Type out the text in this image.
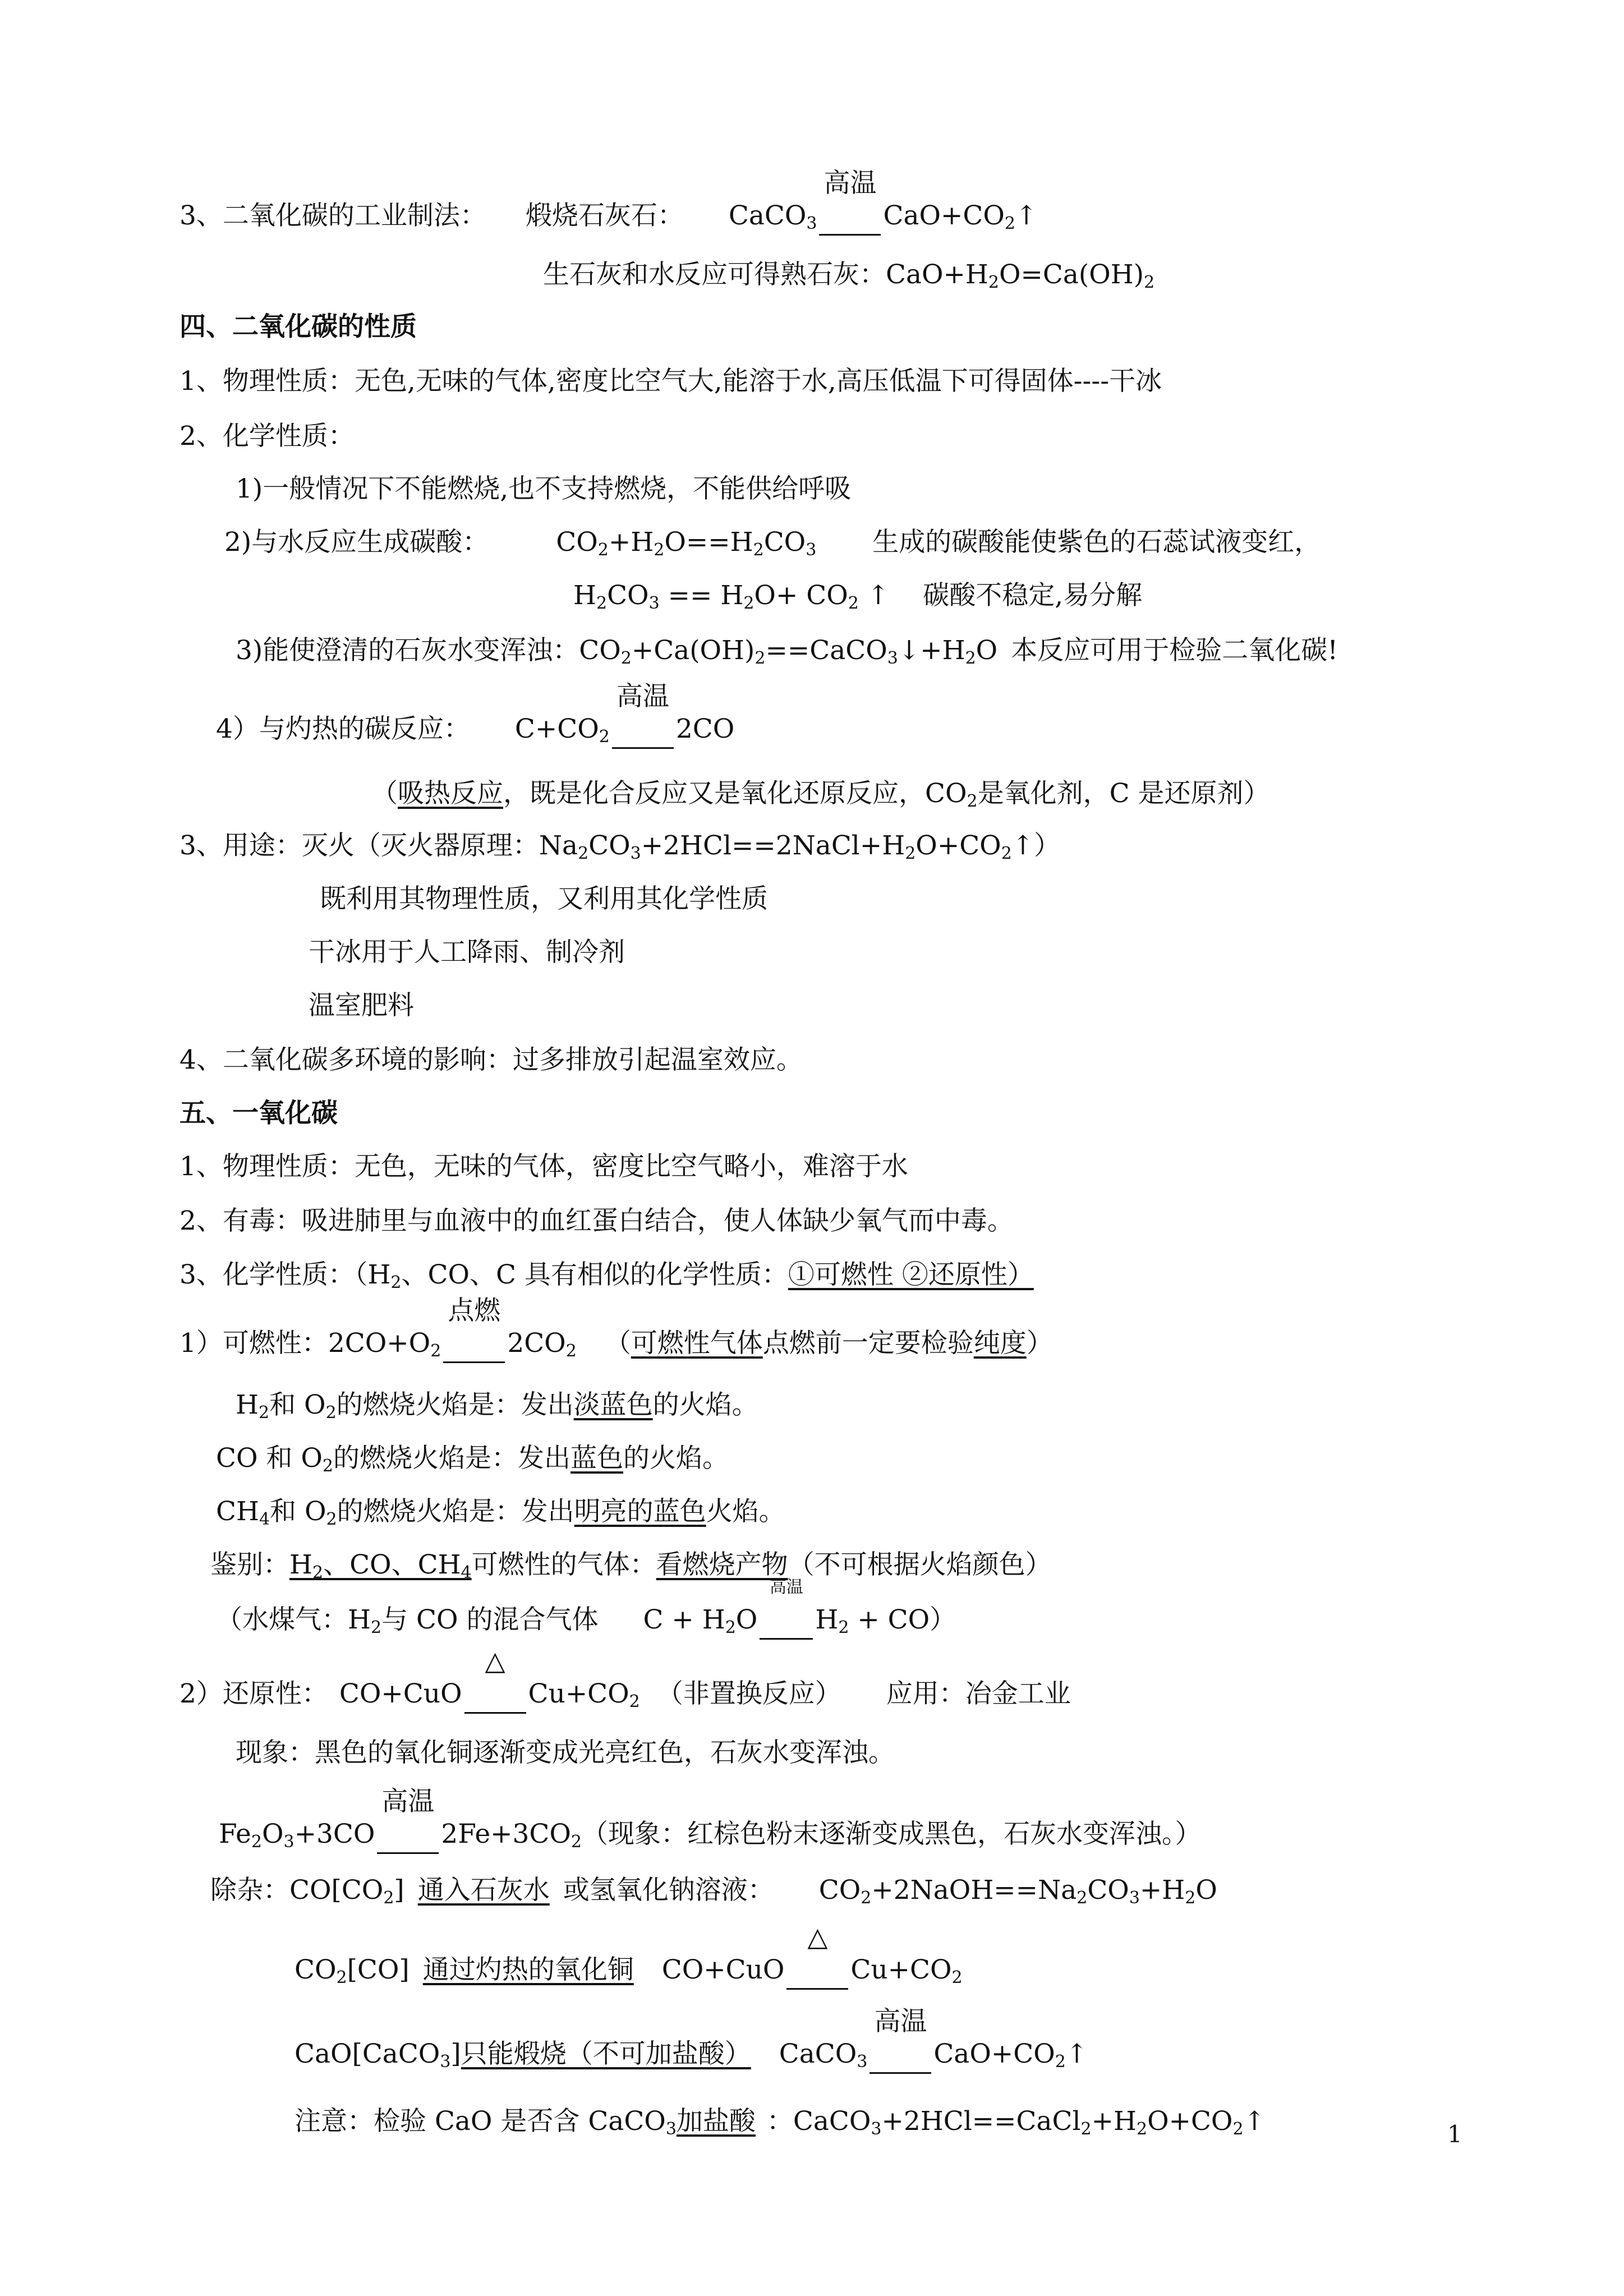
3、二氧化碳的工业制法： 煅烧石灰石： CaCO$_3$
高温
$CaO+CO_2↑$
生石灰和水反应可得熟石灰：$CaO+H_2O=Ca(OH)_2$
四、二氧化碳的性质
1、物理性质：无色,无味的气体,密度比空气大,能溶于水,高压低温下可得固体----干冰
2、化学性质：
1)一般情况下不能燃烧,也不支持燃烧，不能供给呼吸
2)与水反应生成碳酸：	$CO_2+H_2O==H_2CO_3$ 生成的碳酸能使紫色的石蕊试液变红，
$H_2CO_3 == H_2O+ CO_2$ ↑ 碳酸不稳定,易分解
3)能使澄清的石灰水变浑浊：$CO_2+Ca(OH)_2==CaCO_3↓+H_2O$ 本反应可用于检验二氧化碳!
4）与灼热的碳反应： $C+CO_2$
高温
2CO
（吸热反应，既是化合反应又是氧化还原反应，$CO_2$是氧化剂，C 是还原剂）
3、用途：灭火（灭火器原理：$Na_2CO_3+2HCl==2NaCl+H_2O+CO_2↑$）
既利用其物理性质，又利用其化学性质
干冰用于人工降雨、制冷剂
温室肥料
4、二氧化碳多环境的影响：过多排放引起温室效应。
五、一氧化碳
1、物理性质：无色，无味的气体，密度比空气略小，难溶于水
2、有毒：吸进肺里与血液中的血红蛋白结合，使人体缺少氧气而中毒。
3、化学性质：（$H_2$、CO、C 具有相似的化学性质：①可燃性 ②还原性）
1）可燃性：$2CO+O_2$
点燃
$2CO_2$ （可燃性气体点燃前一定要检验纯度）
$H_2$和 $O_2$的燃烧火焰是：发出淡蓝色的火焰。
CO 和 $O_2$的燃烧火焰是：发出蓝色的火焰。
$CH_4$和 $O_2$的燃烧火焰是：发出明亮的蓝色火焰。
鉴别：$H_2$、CO、$CH_4$可燃性的气体：看燃烧产物（不可根据火焰颜色）
（水煤气：$H_2$与 CO 的混合气体 $C + H_2O$
高温
$H_2 + CO$）
2）还原性： CO+CuO
△
$Cu+CO_2$ （非置换反应） 应用：冶金工业
现象：黑色的氧化铜逐渐变成光亮红色，石灰水变浑浊。
$Fe_2O_3+3CO$
高温
$2Fe+3CO_2$（现象：红棕色粉末逐渐变成黑色，石灰水变浑浊。）
除杂：$CO[CO_2]$ 通入石灰水 或氢氧化钠溶液： $CO_2+2NaOH==Na_2CO_3+H_2O$
$CO_2[CO]$ 通过灼热的氧化铜 CO+CuO
△
$Cu+CO_2$
CaO[CaCO$_3$]只能煅烧（不可加盐酸） CaCO$_3$
高温
$CaO+CO_2↑$
注意：检验 CaO 是否含 CaCO$_3$加盐酸 ：$CaCO_3+2HCl==CaCl_2+H_2O+CO_2↑$	1
